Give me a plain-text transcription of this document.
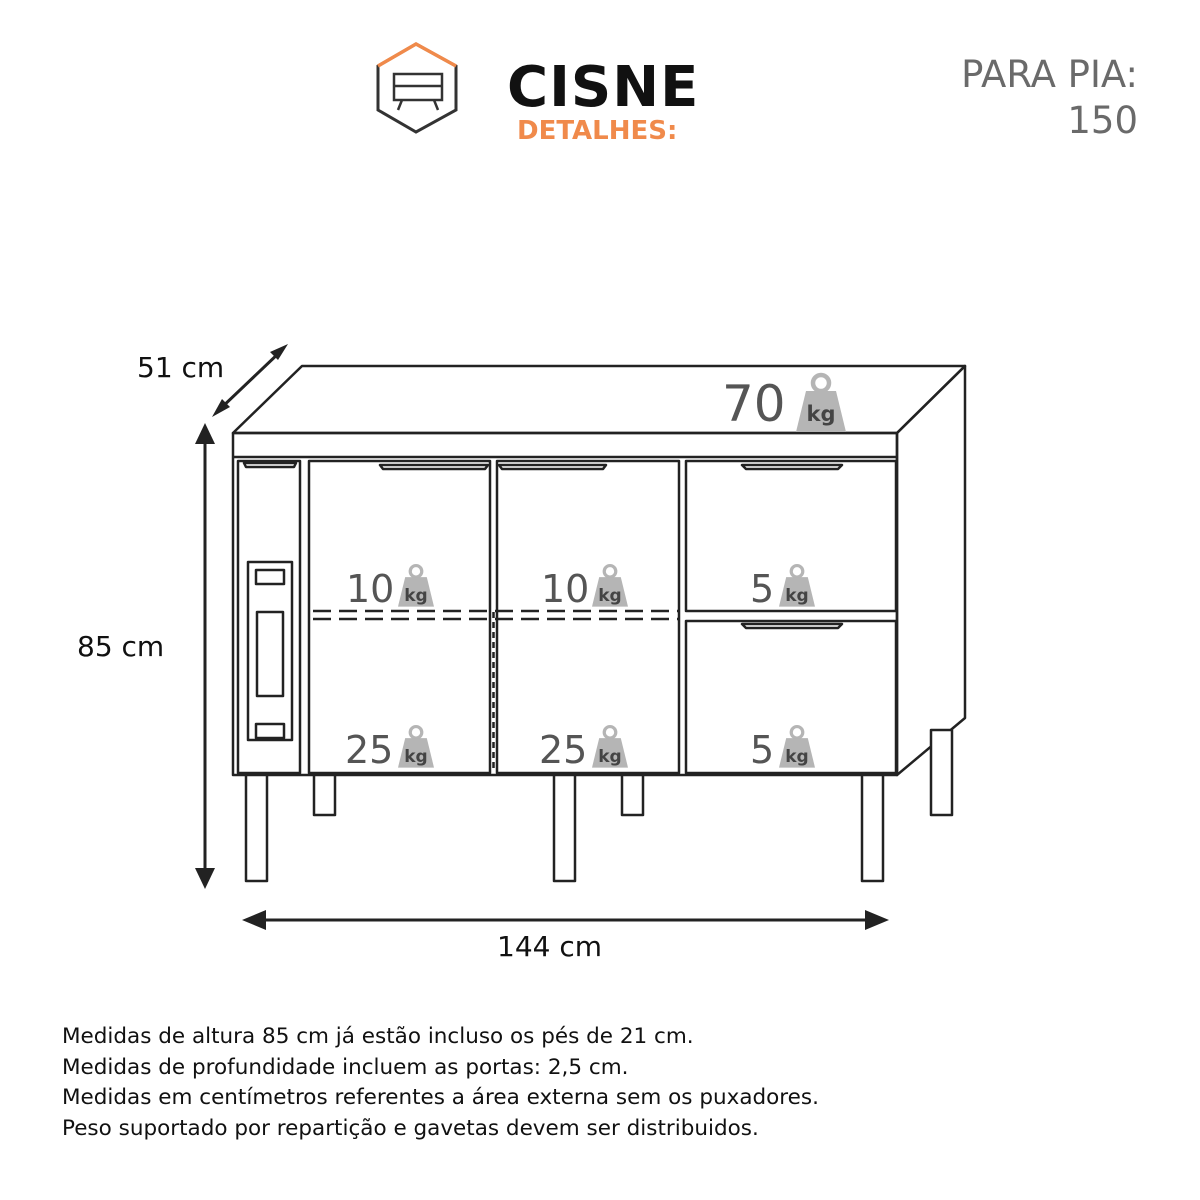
CISNE
DETALHES:
PARA PIA:
150
51 cm
85 cm
144 cm
70 kg
10 kg	10 kg	5 kg
25 kg	25 kg	5 kg
Medidas de altura 85 cm já estão incluso os pés de 21 cm.
Medidas de profundidade incluem as portas: 2,5 cm.
Medidas em centímetros referentes a área externa sem os puxadores.
Peso suportado por repartição e gavetas devem ser distribuidos.
